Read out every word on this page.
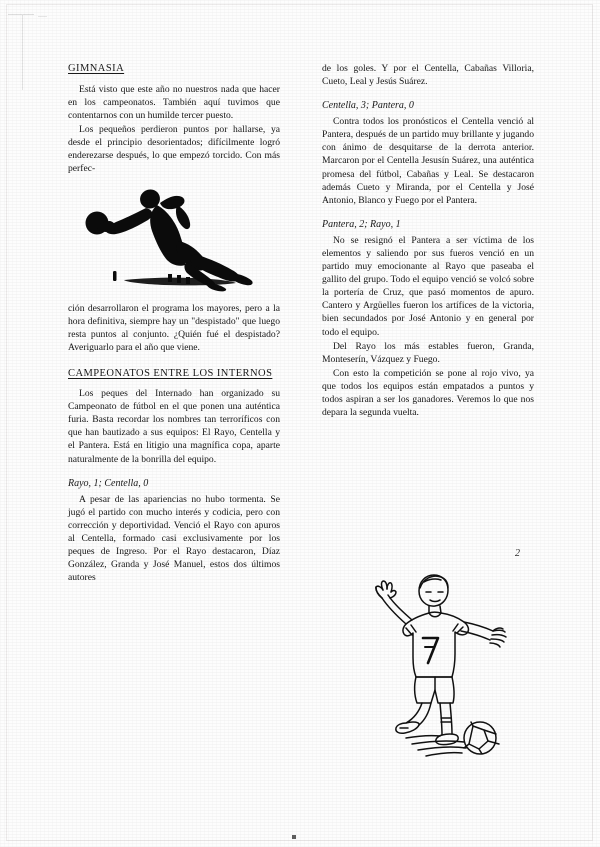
GIMNASIA

Está visto que este año no nuestros nada que hacer en los campeonatos. También aquí tuvimos que contentarnos con un humilde tercer puesto.

Los pequeños perdieron puntos por hallarse, ya desde el principio desorientados; difícilmente logró enderezarse después, lo que empezó torcido. Con más perfec-

ción desarrollaron el programa los mayores, pero a la hora definitiva, siempre hay un "despistado" que luego resta puntos al conjunto. ¿Quién fué el despistado? Averiguarlo para el año que viene.

CAMPEONATOS ENTRE LOS INTERNOS

Los peques del Internado han organizado su Campeonato de fútbol en el que ponen una auténtica furia. Basta recordar los nombres tan terroríficos con que han bautizado a sus equipos: El Rayo, Centella y el Pantera. Está en litigio una magnífica copa, aparte naturalmente de la bonrilla del equipo.

Rayo, 1; Centella, 0

A pesar de las apariencias no hubo tormenta. Se jugó el partido con mucho interés y codicia, pero con corrección y deportividad. Venció el Rayo con apuros al Centella, formado casi exclusivamente por los peques de Ingreso. Por el Rayo destacaron, Díaz González, Granda y José Manuel, estos dos últimos autores

de los goles. Y por el Centella, Cabañas Villoria, Cueto, Leal y Jesús Suárez.

Centella, 3; Pantera, 0

Contra todos los pronósticos el Centella venció al Pantera, después de un partido muy brillante y jugando con ánimo de desquitarse de la derrota anterior. Marcaron por el Centella Jesusín Suárez, una auténtica promesa del fútbol, Cabañas y Leal. Se destacaron además Cueto y Miranda, por el Centella y José Antonio, Blanco y Fuego por el Pantera.

Pantera, 2; Rayo, 1

No se resignó el Pantera a ser víctima de los elementos y saliendo por sus fueros venció en un partido muy emocionante al Rayo que paseaba el gallito del grupo. Todo el equipo venció se volcó sobre la portería de Cruz, que pasó momentos de apuro. Cantero y Argüelles fueron los artífices de la victoria, bien secundados por José Antonio y en general por todo el equipo.

Del Rayo los más estables fueron, Granda, Monteserín, Vázquez y Fuego.

Con esto la competición se pone al rojo vivo, ya que todos los equipos están empatados a puntos y todos aspiran a ser los ganadores. Veremos lo que nos depara la segunda vuelta.

2
